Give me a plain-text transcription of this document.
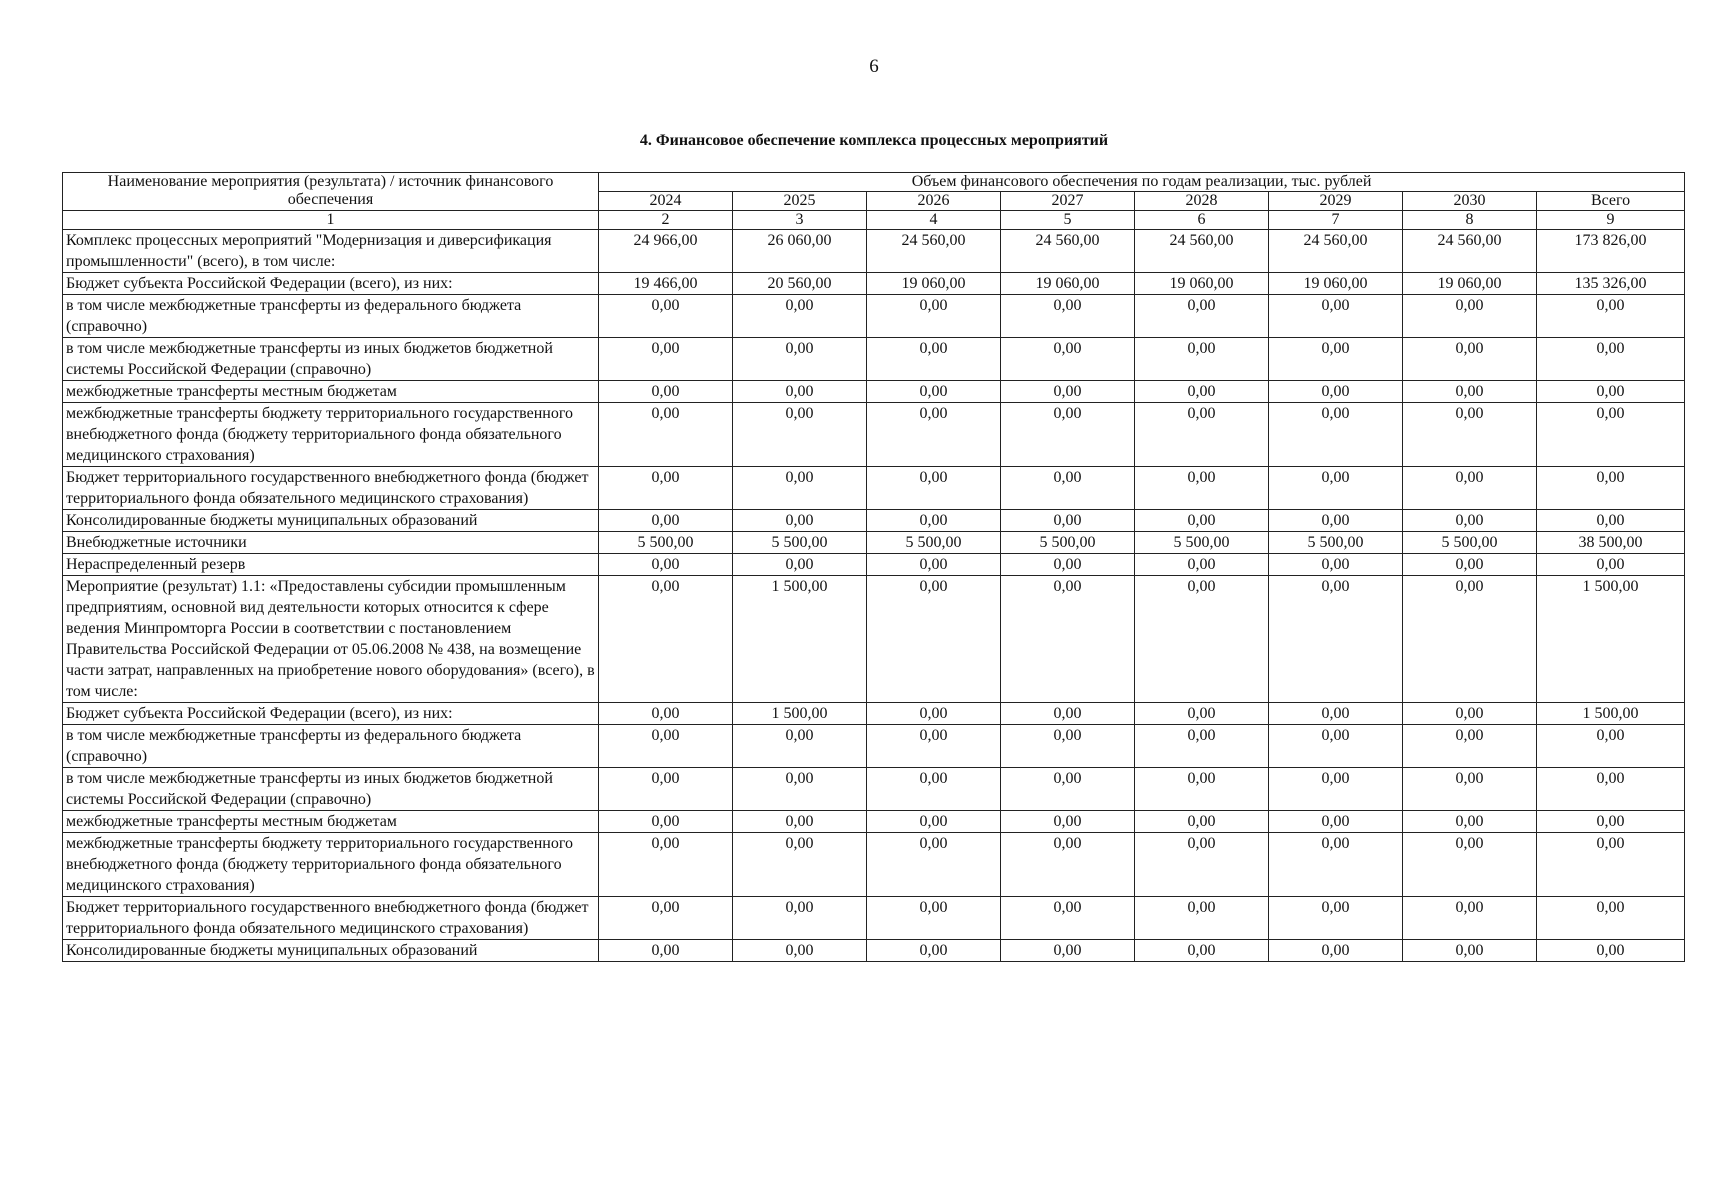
6
4. Финансовое обеспечение комплекса процессных мероприятий
Наименование мероприятия (результата) / источник финансового обеспечения	Объем финансового обеспечения по годам реализации, тыс. рублей							
	2024	2025	2026	2027	2028	2029	2030	Всего
1	2	3	4	5	6	7	8	9
Комплекс процессных мероприятий "Модернизация и диверсификация промышленности" (всего), в том числе:	24 966,00	26 060,00	24 560,00	24 560,00	24 560,00	24 560,00	24 560,00	173 826,00
Бюджет субъекта Российской Федерации (всего), из них:	19 466,00	20 560,00	19 060,00	19 060,00	19 060,00	19 060,00	19 060,00	135 326,00
в том числе межбюджетные трансферты из федерального бюджета (справочно)	0,00	0,00	0,00	0,00	0,00	0,00	0,00	0,00
в том числе межбюджетные трансферты из иных бюджетов бюджетной системы Российской Федерации (справочно)	0,00	0,00	0,00	0,00	0,00	0,00	0,00	0,00
межбюджетные трансферты местным бюджетам	0,00	0,00	0,00	0,00	0,00	0,00	0,00	0,00
межбюджетные трансферты бюджету территориального государственного внебюджетного фонда (бюджету территориального фонда обязательного медицинского страхования)	0,00	0,00	0,00	0,00	0,00	0,00	0,00	0,00
Бюджет территориального государственного внебюджетного фонда (бюджет территориального фонда обязательного медицинского страхования)	0,00	0,00	0,00	0,00	0,00	0,00	0,00	0,00
Консолидированные бюджеты муниципальных образований	0,00	0,00	0,00	0,00	0,00	0,00	0,00	0,00
Внебюджетные источники	5 500,00	5 500,00	5 500,00	5 500,00	5 500,00	5 500,00	5 500,00	38 500,00
Нераспределенный резерв	0,00	0,00	0,00	0,00	0,00	0,00	0,00	0,00
Мероприятие (результат) 1.1: «Предоставлены субсидии промышленным предприятиям, основной вид деятельности которых относится к сфере ведения Минпромторга России в соответствии с постановлением Правительства Российской Федерации от 05.06.2008 № 438, на возмещение части затрат, направленных на приобретение нового оборудования» (всего), в том числе:	0,00	1 500,00	0,00	0,00	0,00	0,00	0,00	1 500,00
Бюджет субъекта Российской Федерации (всего), из них:	0,00	1 500,00	0,00	0,00	0,00	0,00	0,00	1 500,00
в том числе межбюджетные трансферты из федерального бюджета (справочно)	0,00	0,00	0,00	0,00	0,00	0,00	0,00	0,00
в том числе межбюджетные трансферты из иных бюджетов бюджетной системы Российской Федерации (справочно)	0,00	0,00	0,00	0,00	0,00	0,00	0,00	0,00
межбюджетные трансферты местным бюджетам	0,00	0,00	0,00	0,00	0,00	0,00	0,00	0,00
межбюджетные трансферты бюджету территориального государственного внебюджетного фонда (бюджету территориального фонда обязательного медицинского страхования)	0,00	0,00	0,00	0,00	0,00	0,00	0,00	0,00
Бюджет территориального государственного внебюджетного фонда (бюджет территориального фонда обязательного медицинского страхования)	0,00	0,00	0,00	0,00	0,00	0,00	0,00	0,00
Консолидированные бюджеты муниципальных образований	0,00	0,00	0,00	0,00	0,00	0,00	0,00	0,00
